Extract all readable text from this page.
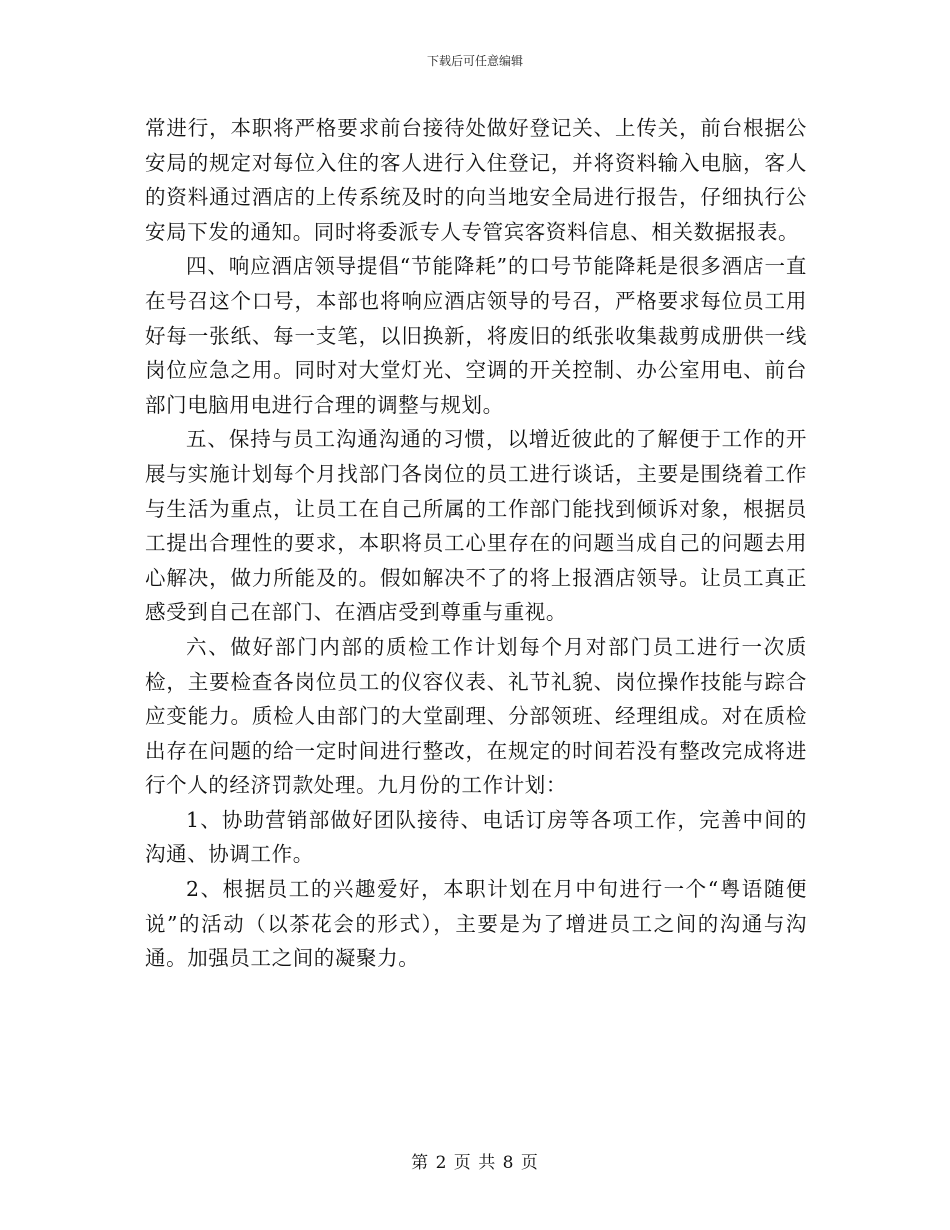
下载后可任意编辑

常进行，本职将严格要求前台接待处做好登记关、上传关，前台根据公安局的规定对每位入住的客人进行入住登记，并将资料输入电脑，客人的资料通过酒店的上传系统及时的向当地安全局进行报告，仔细执行公安局下发的通知。同时将委派专人专管宾客资料信息、相关数据报表。

四、响应酒店领导提倡“节能降耗”的口号节能降耗是很多酒店一直在号召这个口号，本部也将响应酒店领导的号召，严格要求每位员工用好每一张纸、每一支笔，以旧换新，将废旧的纸张收集裁剪成册供一线岗位应急之用。同时对大堂灯光、空调的开关控制、办公室用电、前台部门电脑用电进行合理的调整与规划。

五、保持与员工沟通沟通的习惯，以增近彼此的了解便于工作的开展与实施计划每个月找部门各岗位的员工进行谈话，主要是围绕着工作与生活为重点，让员工在自己所属的工作部门能找到倾诉对象，根据员工提出合理性的要求，本职将员工心里存在的问题当成自己的问题去用心解决，做力所能及的。假如解决不了的将上报酒店领导。让员工真正感受到自己在部门、在酒店受到尊重与重视。

六、做好部门内部的质检工作计划每个月对部门员工进行一次质检，主要检查各岗位员工的仪容仪表、礼节礼貌、岗位操作技能与踪合应变能力。质检人由部门的大堂副理、分部领班、经理组成。对在质检出存在问题的给一定时间进行整改，在规定的时间若没有整改完成将进行个人的经济罚款处理。九月份的工作计划：

1、协助营销部做好团队接待、电话订房等各项工作，完善中间的沟通、协调工作。

2、根据员工的兴趣爱好，本职计划在月中旬进行一个“粤语随便说”的活动（以茶花会的形式），主要是为了增进员工之间的沟通与沟通。加强员工之间的凝聚力。

第 2 页 共 8 页
